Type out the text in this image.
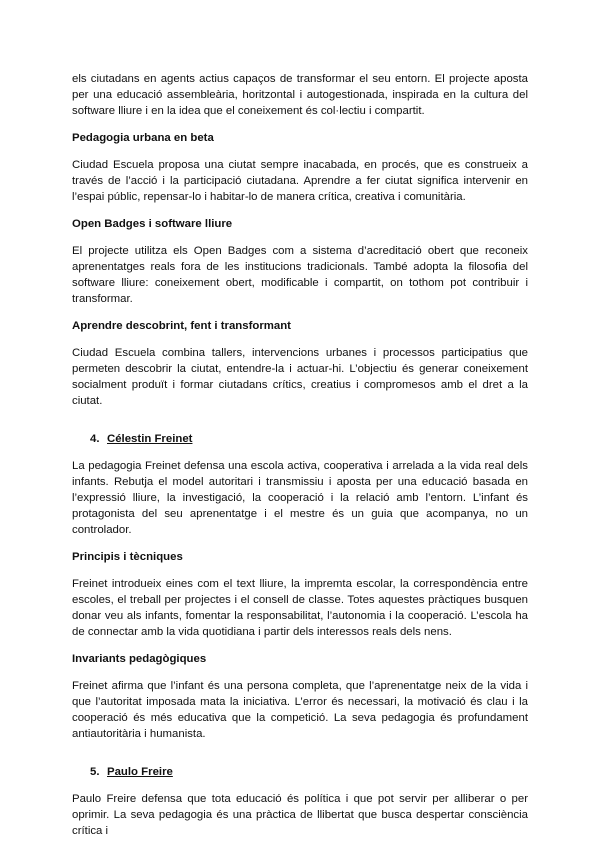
els ciutadans en agents actius capaços de transformar el seu entorn. El projecte aposta per una educació assembleària, horitzontal i autogestionada, inspirada en la cultura del software lliure i en la idea que el coneixement és col·lectiu i compartit.

Pedagogia urbana en beta

Ciudad Escuela proposa una ciutat sempre inacabada, en procés, que es construeix a través de l’acció i la participació ciutadana. Aprendre a fer ciutat significa intervenir en l’espai públic, repensar-lo i habitar-lo de manera crítica, creativa i comunitària.

Open Badges i software lliure

El projecte utilitza els Open Badges com a sistema d’acreditació obert que reconeix aprenentatges reals fora de les institucions tradicionals. També adopta la filosofia del software lliure: coneixement obert, modificable i compartit, on tothom pot contribuir i transformar.

Aprendre descobrint, fent i transformant

Ciudad Escuela combina tallers, intervencions urbanes i processos participatius que permeten descobrir la ciutat, entendre-la i actuar-hi. L’objectiu és generar coneixement socialment produït i formar ciutadans crítics, creatius i compromesos amb el dret a la ciutat.

4. Célestin Freinet

La pedagogia Freinet defensa una escola activa, cooperativa i arrelada a la vida real dels infants. Rebutja el model autoritari i transmissiu i aposta per una educació basada en l’expressió lliure, la investigació, la cooperació i la relació amb l’entorn. L’infant és protagonista del seu aprenentatge i el mestre és un guia que acompanya, no un controlador.

Principis i tècniques

Freinet introdueix eines com el text lliure, la impremta escolar, la correspondència entre escoles, el treball per projectes i el consell de classe. Totes aquestes pràctiques busquen donar veu als infants, fomentar la responsabilitat, l’autonomia i la cooperació. L’escola ha de connectar amb la vida quotidiana i partir dels interessos reals dels nens.

Invariants pedagògiques

Freinet afirma que l’infant és una persona completa, que l’aprenentatge neix de la vida i que l’autoritat imposada mata la iniciativa. L’error és necessari, la motivació és clau i la cooperació és més educativa que la competició. La seva pedagogia és profundament antiautoritària i humanista.

5. Paulo Freire

Paulo Freire defensa que tota educació és política i que pot servir per alliberar o per oprimir. La seva pedagogia és una pràctica de llibertat que busca despertar consciència crítica i
